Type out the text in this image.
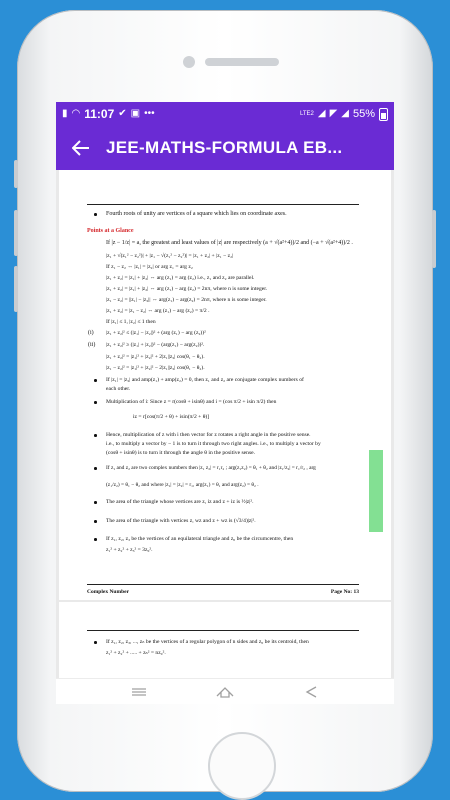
▮ ◠ 11:07 ✔ ▣ •••	LTE2 ◢ ◤ ◢ 55%
JEE-MATHS-FORMULA EB...
Fourth roots of unity are vertices of a square which lies on coordinate axes.
Points at a Glance
If |z − 1/z| = a, the greatest and least values of |z| are respectively (a + √(a²+4))/2 and (−a + √(a²+4))/2 .
|z₁ + √(z₁² − z₂²)| + |z₁ − √(z₁² − z₂²)| = |z₁ + z₂| + |z₁ − z₂|
If z₁ − z₂ ⇔ |z₁| = |z₂| or arg z₁ = arg z₂
|z₁ + z₂| = |z₁| + |z₂| ⇔ arg (z₁) = arg (z₂) i.e., z₁ and z₂ are parallel.
|z₁ + z₂| = |z₁| + |z₂| ⇔ arg (z₁) − arg (z₂) = 2nπ, where n is some integer.
|z₁ − z₂| = ||z₁| − |z₂|| ⇔ arg(z₁) − arg(z₂) = 2nπ, where n is some integer.
|z₁ + z₂| = |z₁ − z₂| ⇔ arg (z₁) − arg (z₂) = π/2 .
If |z₁| ≤ 1, |z₂| ≤ 1 then
(i) |z₁ + z₂|² ≤ (|z₁| − |z₂|)² + (arg (z₁) − arg (z₂))²
(ii) |z₁ + z₂|² ≥ (|z₁| + |z₂|)² − (arg(z₁) − arg(z₂))².
|z₁ + z₂|² = |z₁|² + |z₂|² + 2|z₁||z₂| cos(θ₁ − θ₂).
|z₁ − z₂|² = |z₁|² + |z₂|² − 2|z₁||z₂| cos(θ₁ − θ₂).
If |z₁| = |z₂| and amp(z₁) + amp(z₂) = 0, then z₁ and z₂ are conjugate complex numbers of
each other.
Multiplication of i: Since z = r(cosθ + isinθ) and i = (cos π/2 + isin π/2) then
iz = r[cos(π/2 + θ) + isin(π/2 + θ)]
Hence, multiplication of z with i then vector for z rotates a right angle in the positive sense.
i.e., to multiply a vector by − 1 is to turn it through two right angles. i.e., to multiply a vector by
(cosθ + isinθ) is to turn it through the angle θ in the positive sense.
If z₁ and z₂ are two complex numbers then |z₁ z₂| = r₁r₂ ; arg(z₁z₂) = θ₁ + θ₂ and |z₁/z₂| = r₁/r₂ , arg
(z₁/z₂) = θ₁ − θ₂ and where |z₁| = |z₂| = r₁, arg(z₁) = θ₁ and arg(z₂) = θ₂ .
The area of the triangle whose vertices are z, iz and z + iz is ½|z|².
The area of the triangle with vertices z, wz and z + wz is (√3/4)|z|².
If z₁, z₂, z₃ be the vertices of an equilateral triangle and z₀ be the circumcentre, then
z₁² + z₂² + z₃² = 3z₀².
Complex Number	Page No: 13
If z₁, z₂, z₃, ..., zₙ be the vertices of a regular polygon of n sides and z₀ be its centroid, then
z₁² + z₂² + ..... + zₙ² = nz₀².
